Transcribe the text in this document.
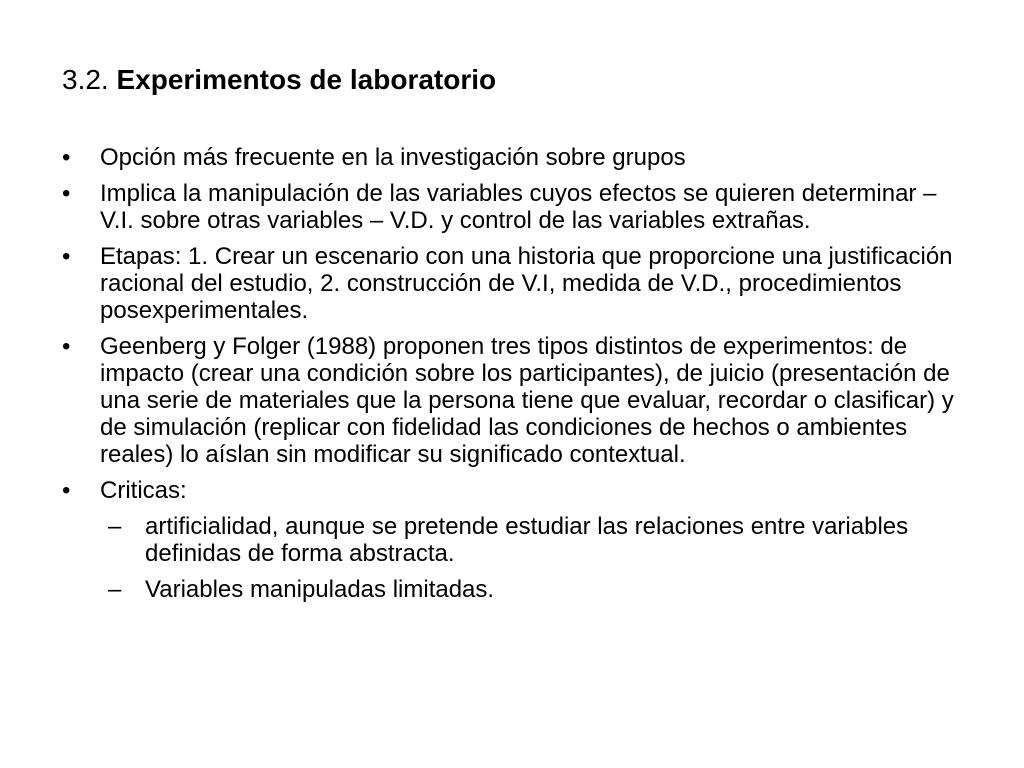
3.2. Experimentos de laboratorio
•	Opción más frecuente en la investigación sobre grupos
•	Implica la manipulación de las variables cuyos efectos se quieren determinar – V.I. sobre otras variables – V.D. y control de las variables extrañas.
•	Etapas: 1. Crear un escenario con una historia que proporcione una justificación racional del estudio, 2. construcción de V.I, medida de V.D., procedimientos posexperimentales.
•	Geenberg y Folger (1988) proponen tres tipos distintos de experimentos: de impacto (crear una condición sobre los participantes), de juicio (presentación de una serie de materiales que la persona tiene que evaluar, recordar o clasificar) y de simulación (replicar con fidelidad las condiciones de hechos o ambientes reales) lo aíslan sin modificar su significado contextual.
•	Criticas:
– artificialidad, aunque se pretende estudiar las relaciones entre variables definidas de forma abstracta.
– Variables manipuladas limitadas.
